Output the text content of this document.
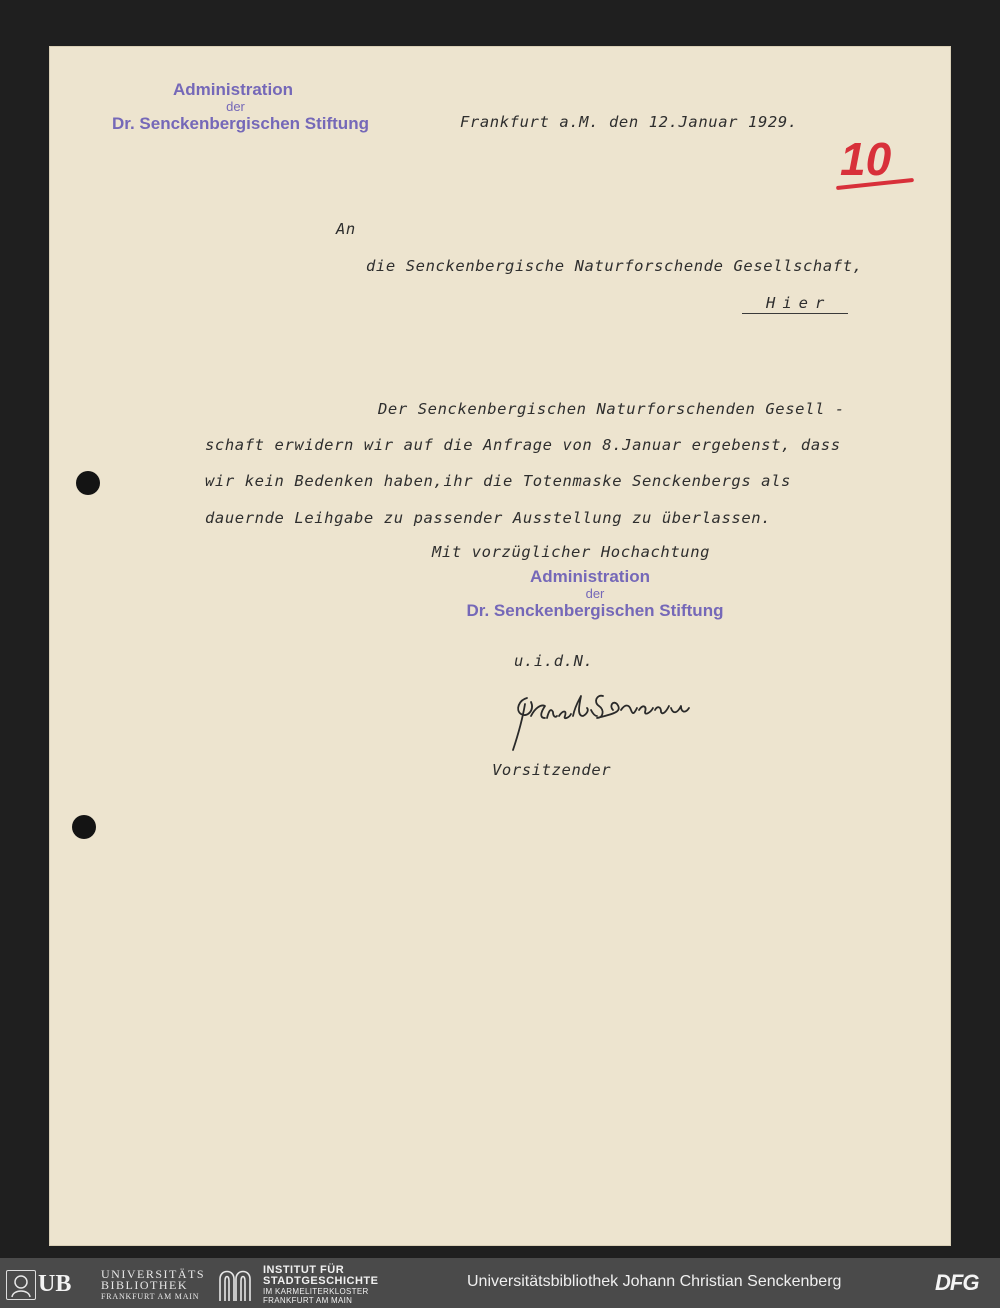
Administration
der
Dr. Senckenbergischen Stiftung	Frankfurt a.M. den 12.Januar 1929.
10
An
die Senckenbergische Naturforschende Gesellschaft,
Hier
Der Senckenbergischen Naturforschenden Gesell -
schaft erwidern wir auf die Anfrage von 8.Januar ergebenst, dass
wir kein Bedenken haben,ihr die Totenmaske Senckenbergs als
dauernde Leihgabe zu passender Ausstellung zu überlassen.
Mit vorzüglicher Hochachtung
Administration
der
Dr. Senckenbergischen Stiftung
u.i.d.N.
Vorsitzender
UB UNIVERSITÄTS
BIBLIOTHEK
FRANKFURT AM MAIN
INSTITUT FÜR
STADTGESCHICHTE
IM KARMELITERKLOSTER
FRANKFURT AM MAIN
Universitätsbibliothek Johann Christian Senckenberg	DFG
